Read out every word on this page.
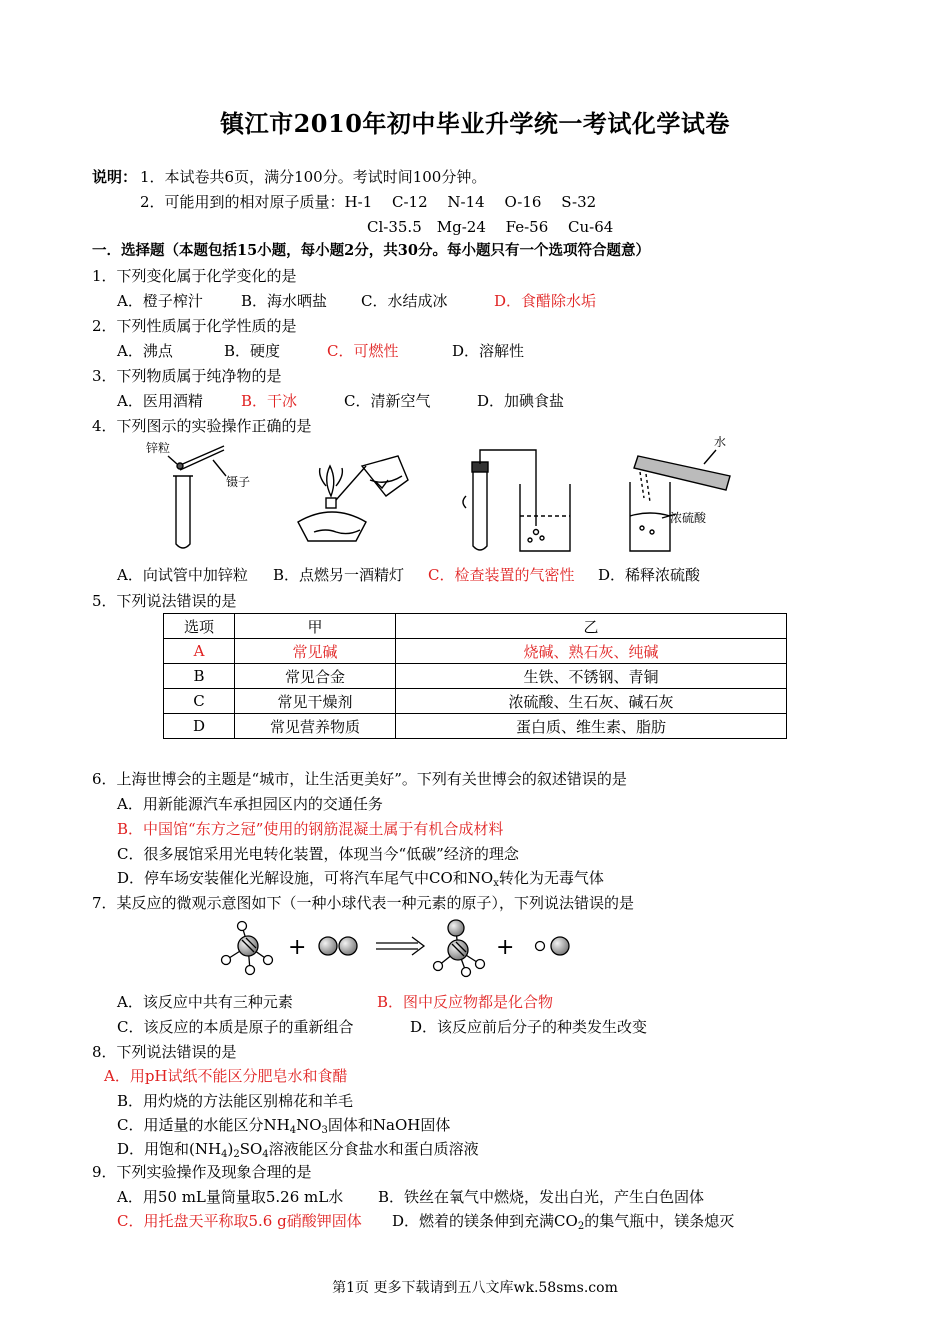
镇江市2010年初中毕业升学统一考试化学试卷
说明： 1．本试卷共6页，满分100分。考试时间100分钟。
2．可能用到的相对原子质量：H-1　 C-12　 N-14　 O-16　 S-32
Cl-35.5　Mg-24　 Fe-56　 Cu-64
一．选择题（本题包括15小题，每小题2分，共30分。每小题只有一个选项符合题意）
1．下列变化属于化学变化的是
A．橙子榨汁	B．海水晒盐 C．水结成冰	D．食醋除水垢
2．下列性质属于化学性质的是
A．沸点	B．硬度	C．可燃性	D．溶解性
3．下列物质属于纯净物的是
A．医用酒精	B．干冰	C．清新空气	D．加碘食盐
4．下列图示的实验操作正确的是
锌粒
镊子
水
浓硫酸
A．向试管中加锌粒 B．点燃另一酒精灯 C．检查装置的气密性 D．稀释浓硫酸
5．下列说法错误的是
选项	甲	乙
A	常见碱	烧碱、熟石灰、纯碱
B	常见合金	生铁、不锈钢、青铜
C	常见干燥剂	浓硫酸、生石灰、碱石灰
D	常见营养物质	蛋白质、维生素、脂肪
6．上海世博会的主题是“城市，让生活更美好”。下列有关世博会的叙述错误的是
A．用新能源汽车承担园区内的交通任务
B．中国馆“东方之冠”使用的钢筋混凝土属于有机合成材料
C．很多展馆采用光电转化装置，体现当今“低碳”经济的理念
D．停车场安装催化光解设施，可将汽车尾气中CO和$NO_x$转化为无毒气体
7．某反应的微观示意图如下（一种小球代表一种元素的原子），下列说法错误的是
+	+
A．该反应中共有三种元素	B．图中反应物都是化合物
C．该反应的本质是原子的重新组合	D．该反应前后分子的种类发生改变
8．下列说法错误的是
A．用pH试纸不能区分肥皂水和食醋
B．用灼烧的方法能区别棉花和羊毛
C．用适量的水能区分$NH_4NO_3$固体和NaOH固体
D．用饱和$(NH_4)_2SO_4$溶液能区分食盐水和蛋白质溶液
9．下列实验操作及现象合理的是
A．用50 mL量筒量取5.26 mL水 B．铁丝在氧气中燃烧，发出白光，产生白色固体
C．用托盘天平称取5.6 g硝酸钾固体 D．燃着的镁条伸到充满$CO_2$的集气瓶中，镁条熄灭
第1页 更多下载请到五八文库wk.58sms.com
